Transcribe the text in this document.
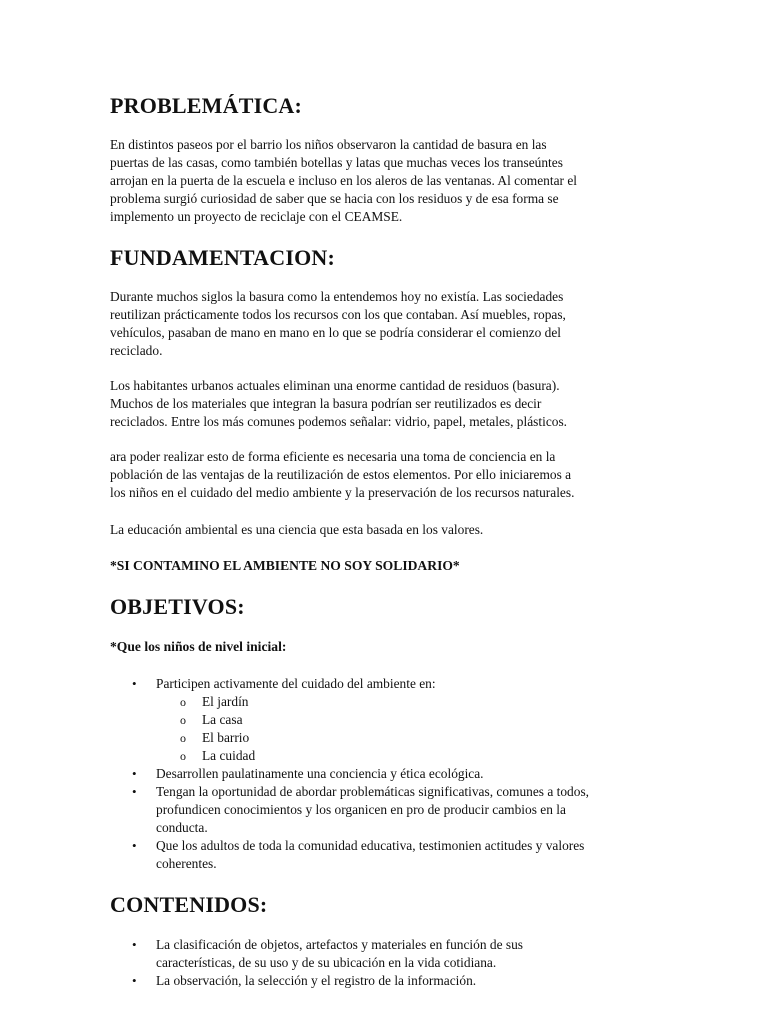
PROBLEMÁTICA:
En distintos paseos por el barrio los niños observaron la cantidad de basura en las
puertas de las casas, como también botellas y latas que muchas veces los transeúntes
arrojan en la puerta de la escuela e incluso en los aleros de las ventanas. Al comentar el
problema surgió curiosidad de saber que se hacia con los residuos y de esa forma se
implemento un proyecto de reciclaje con el CEAMSE.
FUNDAMENTACION:
Durante muchos siglos la basura como la entendemos hoy no existía. Las sociedades
reutilizan prácticamente todos los recursos con los que contaban. Así muebles, ropas,
vehículos, pasaban de mano en mano en lo que se podría considerar el comienzo del
reciclado.
Los habitantes urbanos actuales eliminan una enorme cantidad de residuos (basura).
Muchos de los materiales que integran la basura podrían ser reutilizados es decir
reciclados. Entre los más comunes podemos señalar: vidrio, papel, metales, plásticos.
ara poder realizar esto de forma eficiente es necesaria una toma de conciencia en la
población de las ventajas de la reutilización de estos elementos. Por ello iniciaremos a
los niños en el cuidado del medio ambiente y la preservación de los recursos naturales.
La educación ambiental es una ciencia que esta basada en los valores.
*SI CONTAMINO EL AMBIENTE NO SOY SOLIDARIO*
OBJETIVOS:
*Que los niños de nivel inicial:
• Participen activamente del cuidado del ambiente en:
o El jardín
o La casa
o El barrio
o La cuidad
• Desarrollen paulatinamente una conciencia y ética ecológica.
• Tengan la oportunidad de abordar problemáticas significativas, comunes a todos,
profundicen conocimientos y los organicen en pro de producir cambios en la
conducta.
• Que los adultos de toda la comunidad educativa, testimonien actitudes y valores
coherentes.
CONTENIDOS:
• La clasificación de objetos, artefactos y materiales en función de sus
características, de su uso y de su ubicación en la vida cotidiana.
• La observación, la selección y el registro de la información.
